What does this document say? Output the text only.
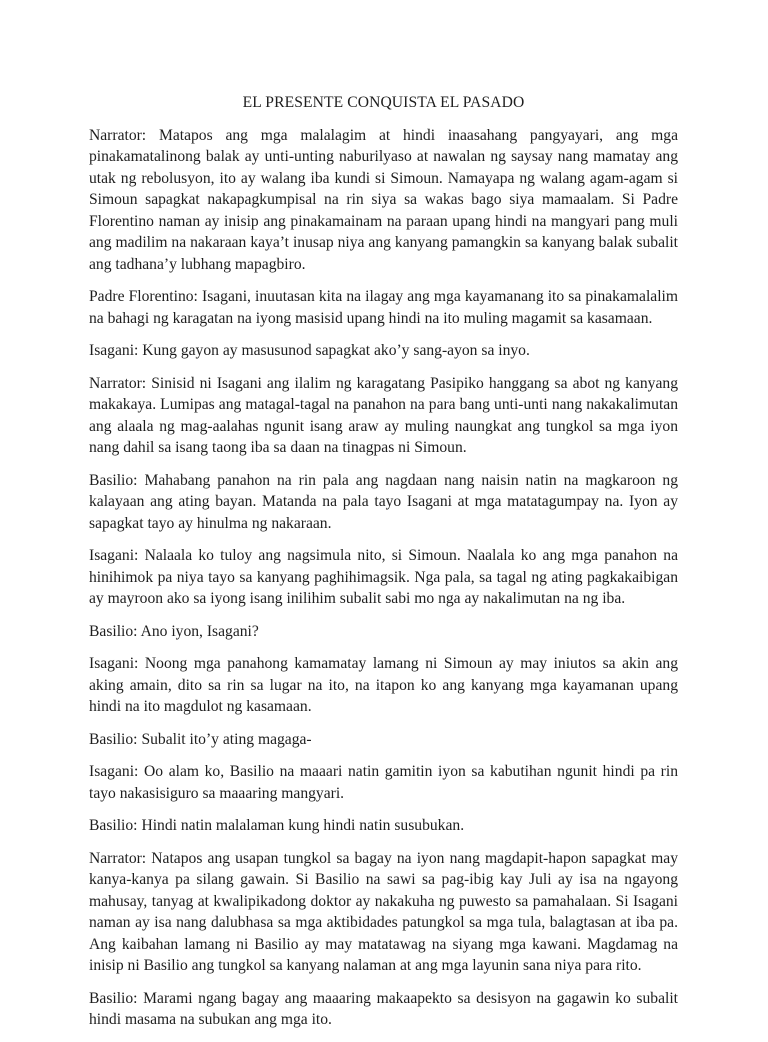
EL PRESENTE CONQUISTA EL PASADO

Narrator: Matapos ang mga malalagim at hindi inaasahang pangyayari, ang mga pinakamatalinong balak ay unti-unting naburilyaso at nawalan ng saysay nang mamatay ang utak ng rebolusyon, ito ay walang iba kundi si Simoun. Namayapa ng walang agam-agam si Simoun sapagkat nakapagkumpisal na rin siya sa wakas bago siya mamaalam. Si Padre Florentino naman ay inisip ang pinakamainam na paraan upang hindi na mangyari pang muli ang madilim na nakaraan kaya’t inusap niya ang kanyang pamangkin sa kanyang balak subalit ang tadhana’y lubhang mapagbiro.

Padre Florentino: Isagani, inuutasan kita na ilagay ang mga kayamanang ito sa pinakamalalim na bahagi ng karagatan na iyong masisid upang hindi na ito muling magamit sa kasamaan.

Isagani: Kung gayon ay masusunod sapagkat ako’y sang-ayon sa inyo.

Narrator: Sinisid ni Isagani ang ilalim ng karagatang Pasipiko hanggang sa abot ng kanyang makakaya. Lumipas ang matagal-tagal na panahon na para bang unti-unti nang nakakalimutan ang alaala ng mag-aalahas ngunit isang araw ay muling naungkat ang tungkol sa mga iyon nang dahil sa isang taong iba sa daan na tinagpas ni Simoun.

Basilio: Mahabang panahon na rin pala ang nagdaan nang naisin natin na magkaroon ng kalayaan ang ating bayan. Matanda na pala tayo Isagani at mga matatagumpay na. Iyon ay sapagkat tayo ay hinulma ng nakaraan.

Isagani: Nalaala ko tuloy ang nagsimula nito, si Simoun. Naalala ko ang mga panahon na hinihimok pa niya tayo sa kanyang paghihimagsik. Nga pala, sa tagal ng ating pagkakaibigan ay mayroon ako sa iyong isang inilihim subalit sabi mo nga ay nakalimutan na ng iba.

Basilio: Ano iyon, Isagani?

Isagani: Noong mga panahong kamamatay lamang ni Simoun ay may iniutos sa akin ang aking amain, dito sa rin sa lugar na ito, na itapon ko ang kanyang mga kayamanan upang hindi na ito magdulot ng kasamaan.

Basilio: Subalit ito’y ating magaga-

Isagani: Oo alam ko, Basilio na maaari natin gamitin iyon sa kabutihan ngunit hindi pa rin tayo nakasisiguro sa maaaring mangyari.

Basilio: Hindi natin malalaman kung hindi natin susubukan.

Narrator: Natapos ang usapan tungkol sa bagay na iyon nang magdapit-hapon sapagkat may kanya-kanya pa silang gawain. Si Basilio na sawi sa pag-ibig kay Juli ay isa na ngayong mahusay, tanyag at kwalipikadong doktor ay nakakuha ng puwesto sa pamahalaan. Si Isagani naman ay isa nang dalubhasa sa mga aktibidades patungkol sa mga tula, balagtasan at iba pa. Ang kaibahan lamang ni Basilio ay may matatawag na siyang mga kawani. Magdamag na inisip ni Basilio ang tungkol sa kanyang nalaman at ang mga layunin sana niya para rito.

Basilio: Marami ngang bagay ang maaaring makaapekto sa desisyon na gagawin ko subalit hindi masama na subukan ang mga ito.
